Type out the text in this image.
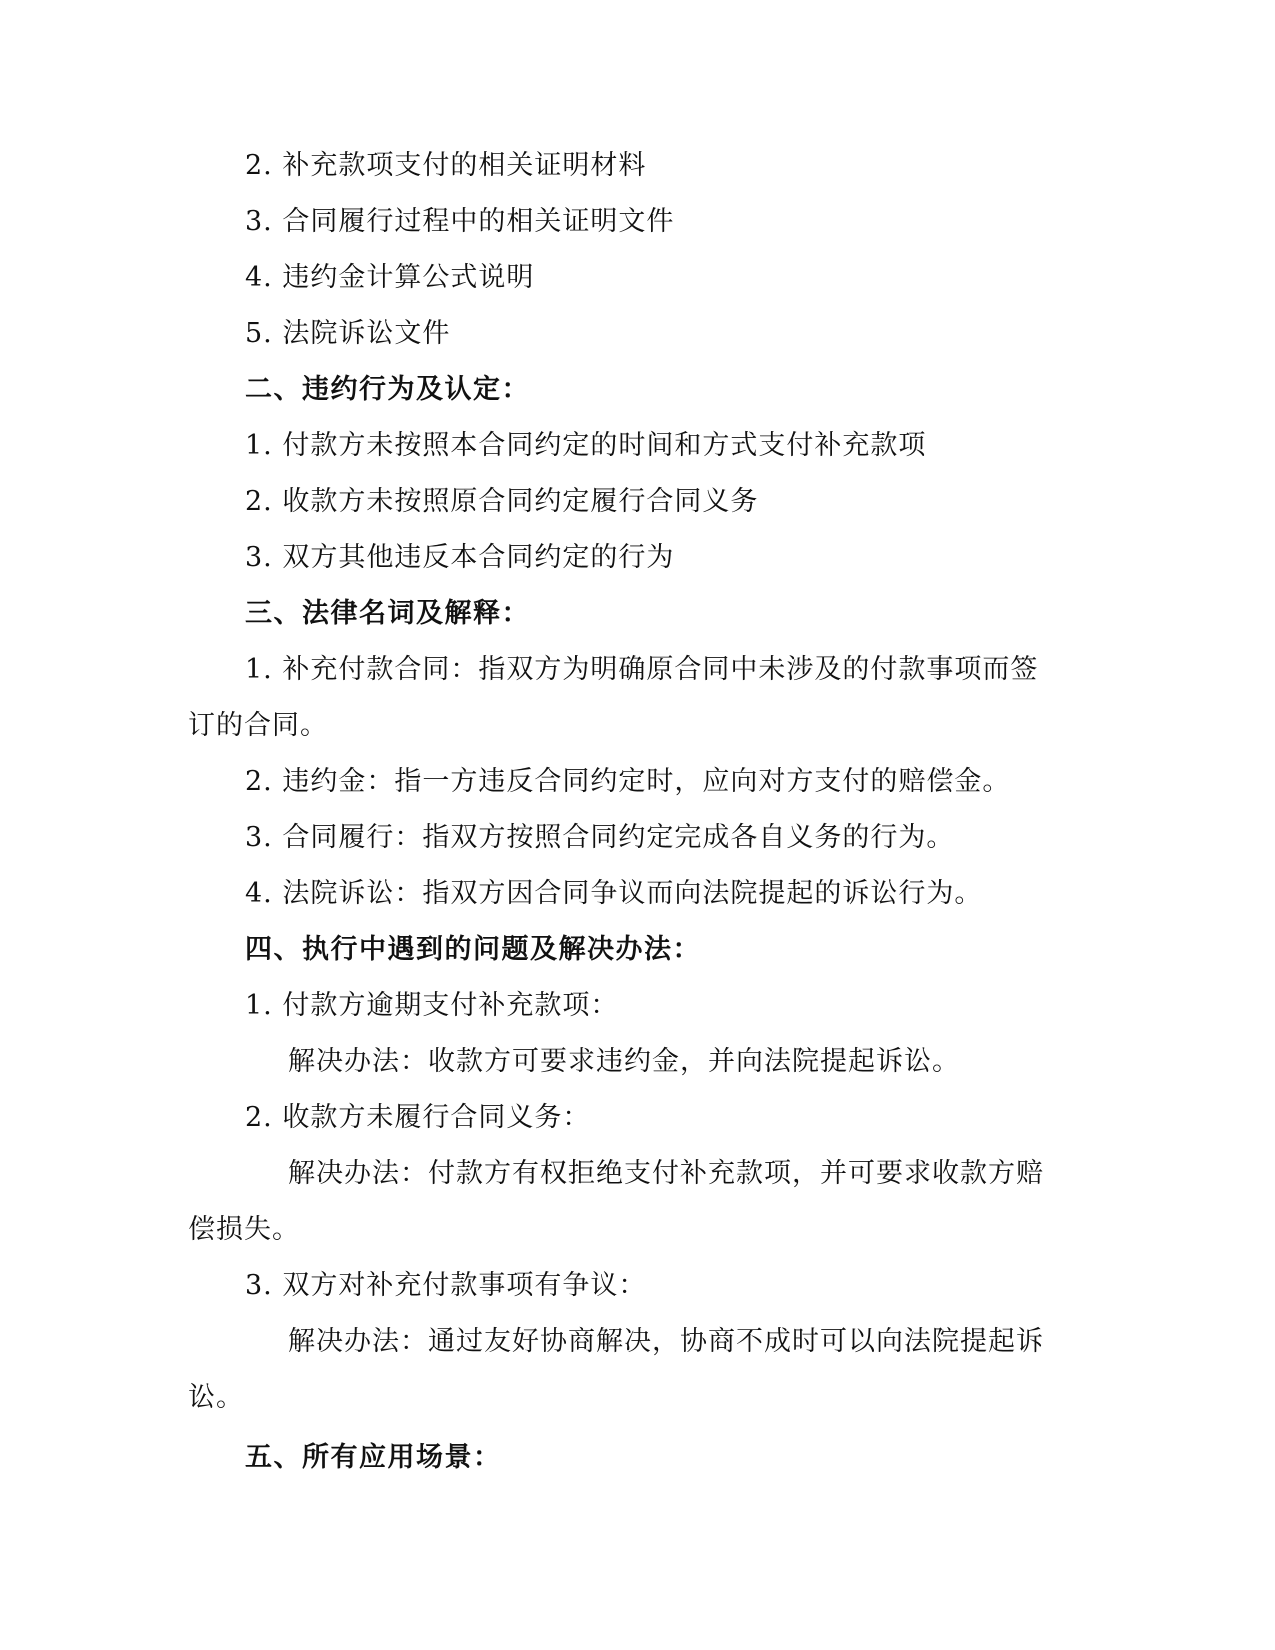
2. 补充款项支付的相关证明材料
3. 合同履行过程中的相关证明文件
4. 违约金计算公式说明
5. 法院诉讼文件
二、违约行为及认定：
1. 付款方未按照本合同约定的时间和方式支付补充款项
2. 收款方未按照原合同约定履行合同义务
3. 双方其他违反本合同约定的行为
三、法律名词及解释：
1. 补充付款合同：指双方为明确原合同中未涉及的付款事项而签
订的合同。
2. 违约金：指一方违反合同约定时，应向对方支付的赔偿金。
3. 合同履行：指双方按照合同约定完成各自义务的行为。
4. 法院诉讼：指双方因合同争议而向法院提起的诉讼行为。
四、执行中遇到的问题及解决办法：
1. 付款方逾期支付补充款项：
解决办法：收款方可要求违约金，并向法院提起诉讼。
2. 收款方未履行合同义务：
解决办法：付款方有权拒绝支付补充款项，并可要求收款方赔
偿损失。
3. 双方对补充付款事项有争议：
解决办法：通过友好协商解决，协商不成时可以向法院提起诉
讼。
五、所有应用场景：
